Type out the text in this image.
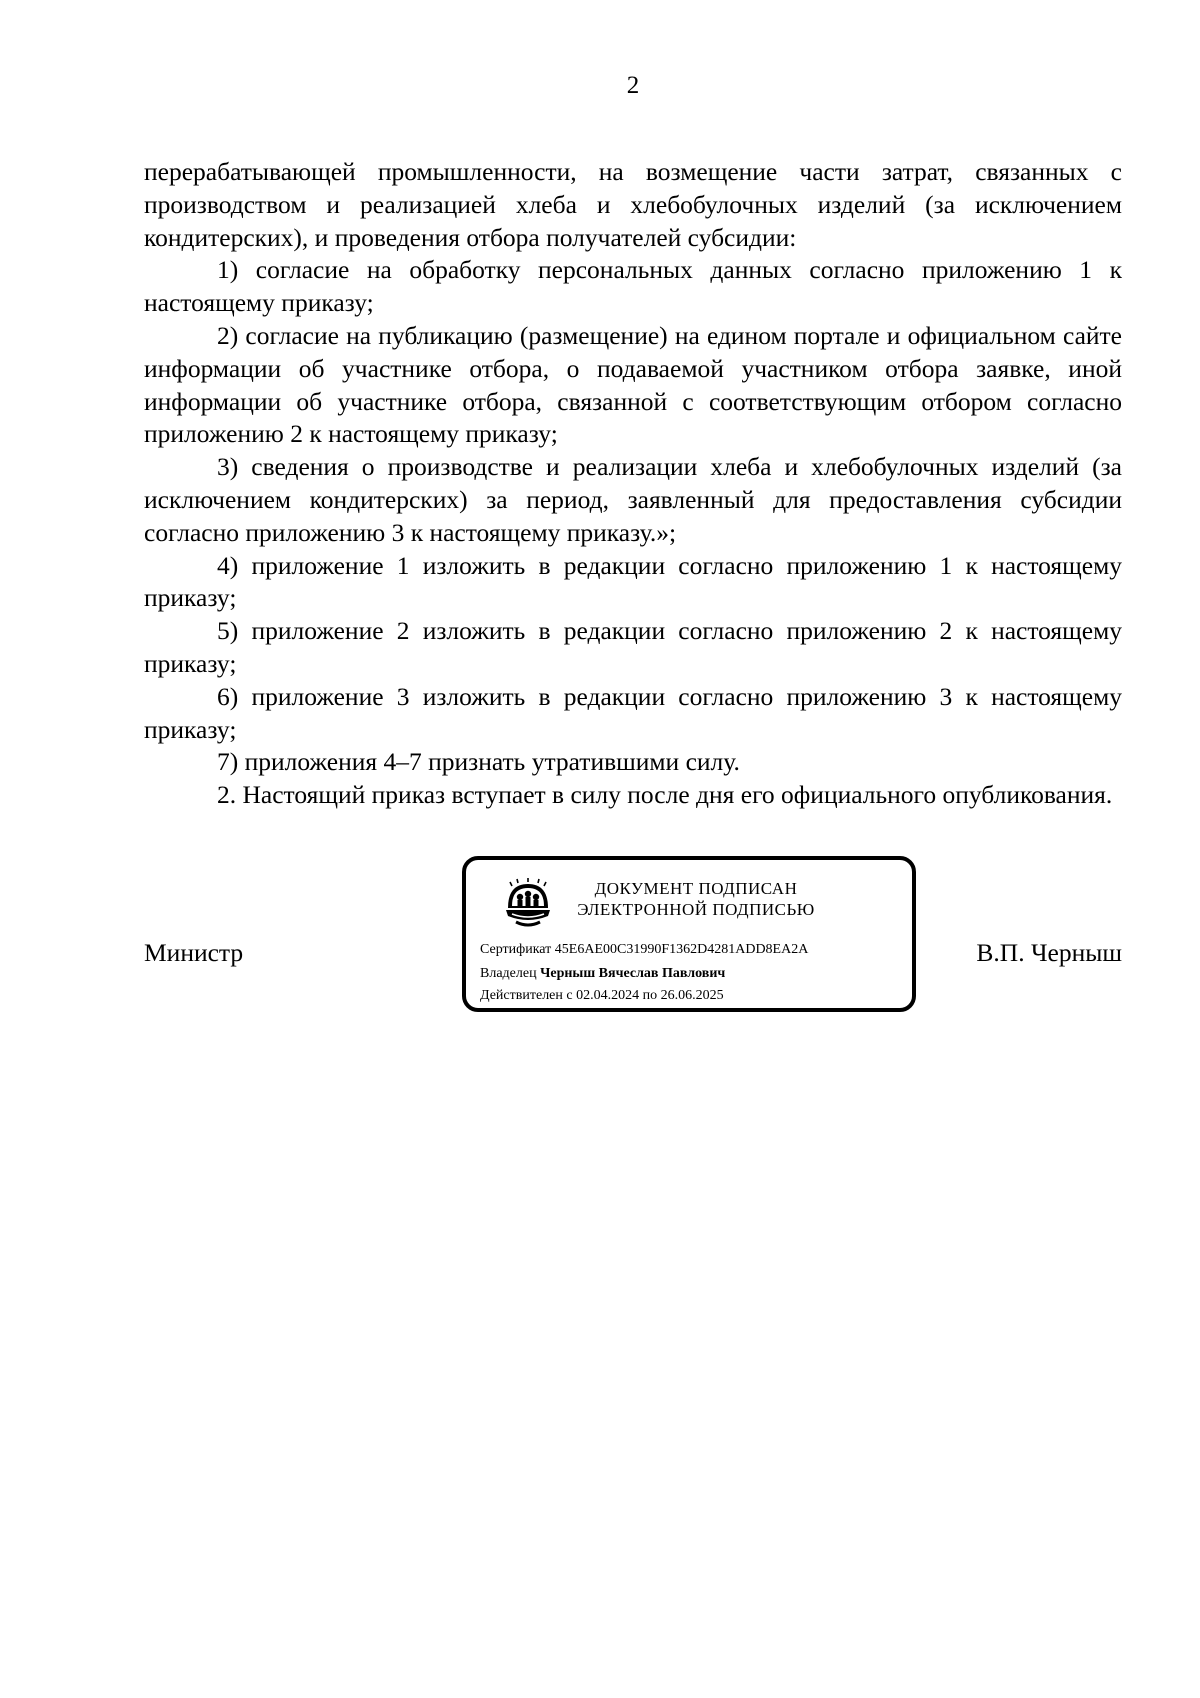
2

перерабатывающей промышленности, на возмещение части затрат, связанных с производством и реализацией хлеба и хлебобулочных изделий (за исключением кондитерских), и проведения отбора получателей субсидии:

1) согласие на обработку персональных данных согласно приложению 1 к настоящему приказу;

2) согласие на публикацию (размещение) на едином портале и официальном сайте информации об участнике отбора, о подаваемой участником отбора заявке, иной информации об участнике отбора, связанной с соответствующим отбором согласно приложению 2 к настоящему приказу;

3) сведения о производстве и реализации хлеба и хлебобулочных изделий (за исключением кондитерских) за период, заявленный для предоставления субсидии согласно приложению 3 к настоящему приказу.»;

4) приложение 1 изложить в редакции согласно приложению 1 к настоящему приказу;

5) приложение 2 изложить в редакции согласно приложению 2 к настоящему приказу;

6) приложение 3 изложить в редакции согласно приложению 3 к настоящему приказу;

7) приложения 4–7 признать утратившими силу.

2. Настоящий приказ вступает в силу после дня его официального опубликования.

Министр
ДОКУМЕНТ ПОДПИСАН
ЭЛЕКТРОННОЙ ПОДПИСЬЮ
Сертификат 45E6AE00C31990F1362D4281ADD8EA2A
Владелец Черныш Вячеслав Павлович
Действителен с 02.04.2024 по 26.06.2025
В.П. Черныш
